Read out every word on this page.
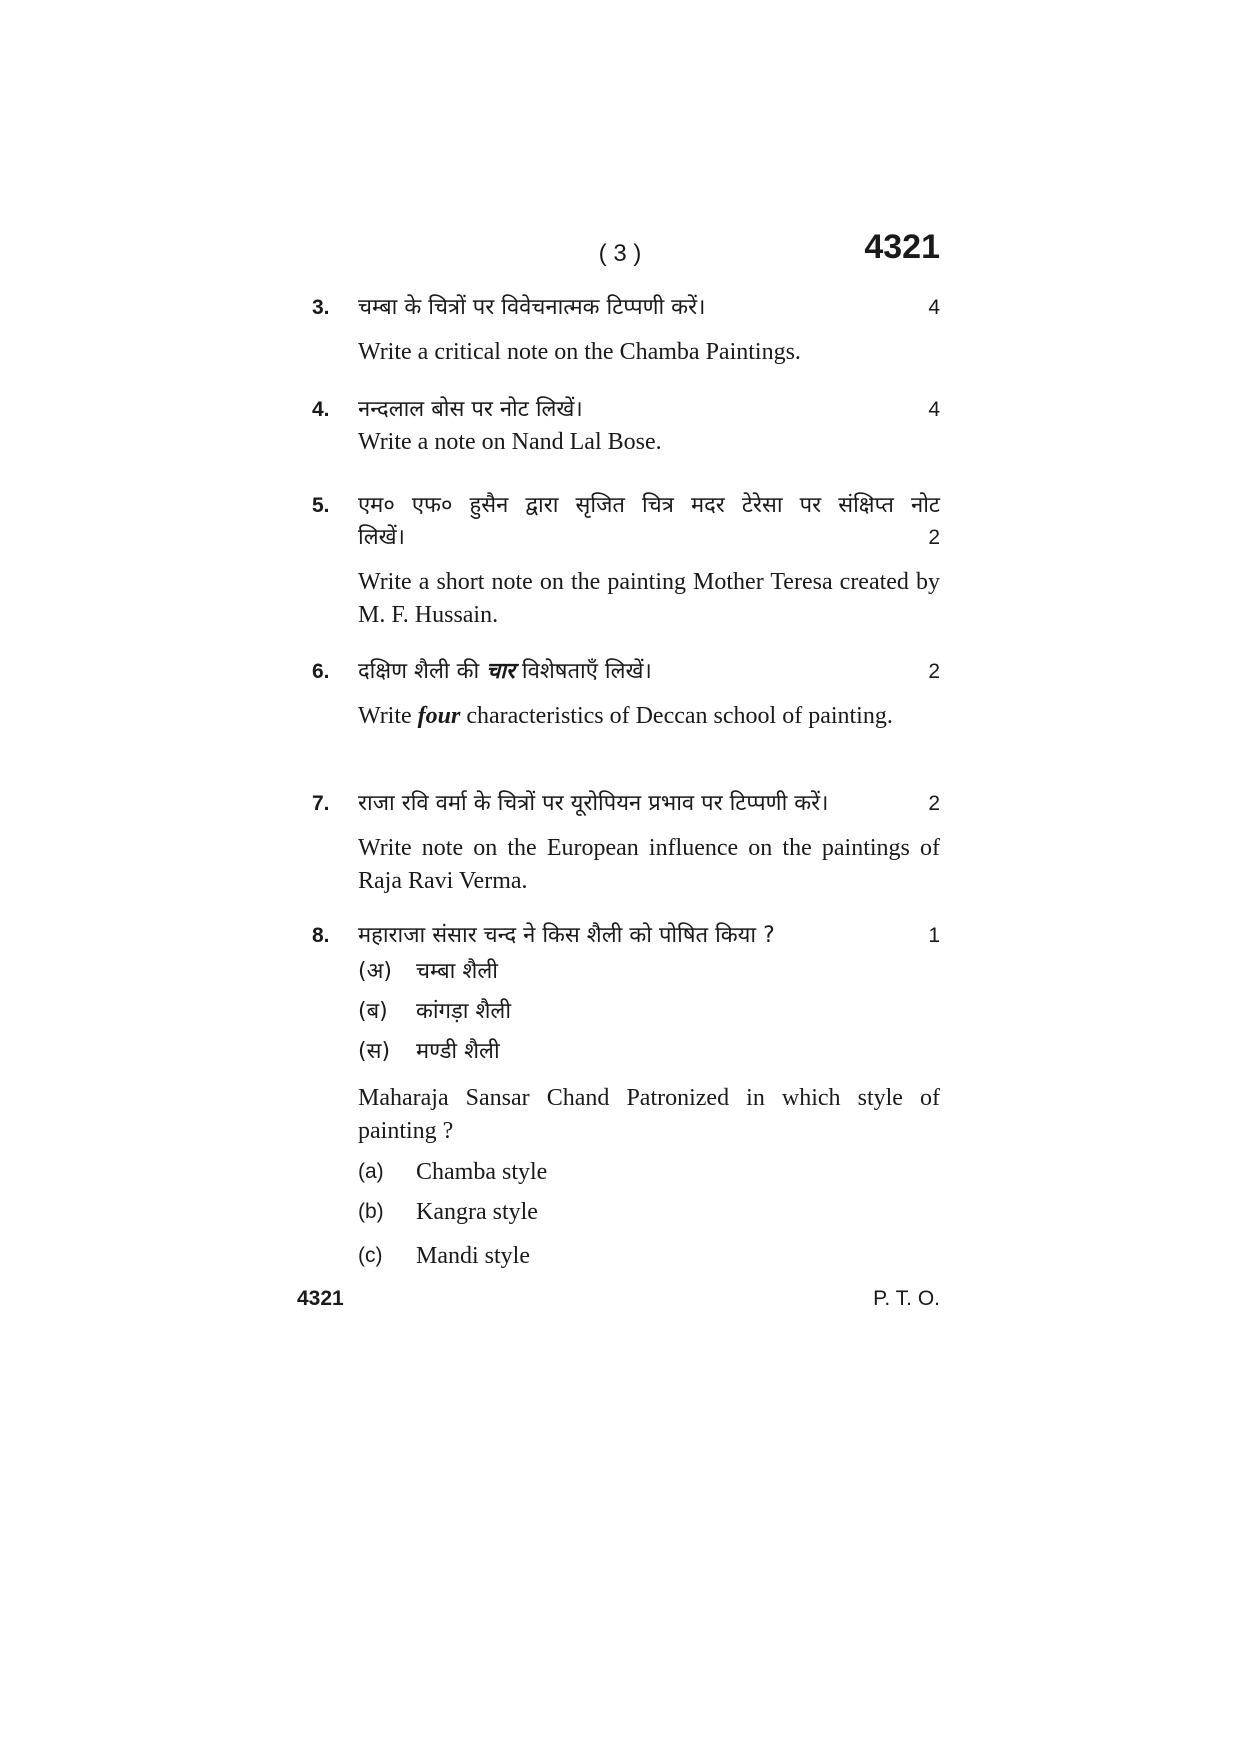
( 3 )	4321
3. चम्बा के चित्रों पर विवेचनात्मक टिप्पणी करें।	4
Write a critical note on the Chamba Paintings.
4. नन्दलाल बोस पर नोट लिखें।	4
Write a note on Nand Lal Bose.
5. एम० एफ० हुसैन द्वारा सृजित चित्र मदर टेरेसा पर संक्षिप्त नोट
लिखें।	2
Write a short note on the painting Mother Teresa created by M. F. Hussain.
6. दक्षिण शैली की चार विशेषताएँ लिखें।	2
Write four characteristics of Deccan school of painting.
7. राजा रवि वर्मा के चित्रों पर यूरोपियन प्रभाव पर टिप्पणी करें।	2
Write note on the European influence on the paintings of Raja Ravi Verma.
8. महाराजा संसार चन्द ने किस शैली को पोषित किया ?	1
(अ)	चम्बा शैली
(ब)	कांगड़ा शैली
(स)	मण्डी शैली
Maharaja Sansar Chand Patronized in which style of painting ?
(a)	Chamba style
(b)	Kangra style
(c)	Mandi style
4321	P. T. O.
